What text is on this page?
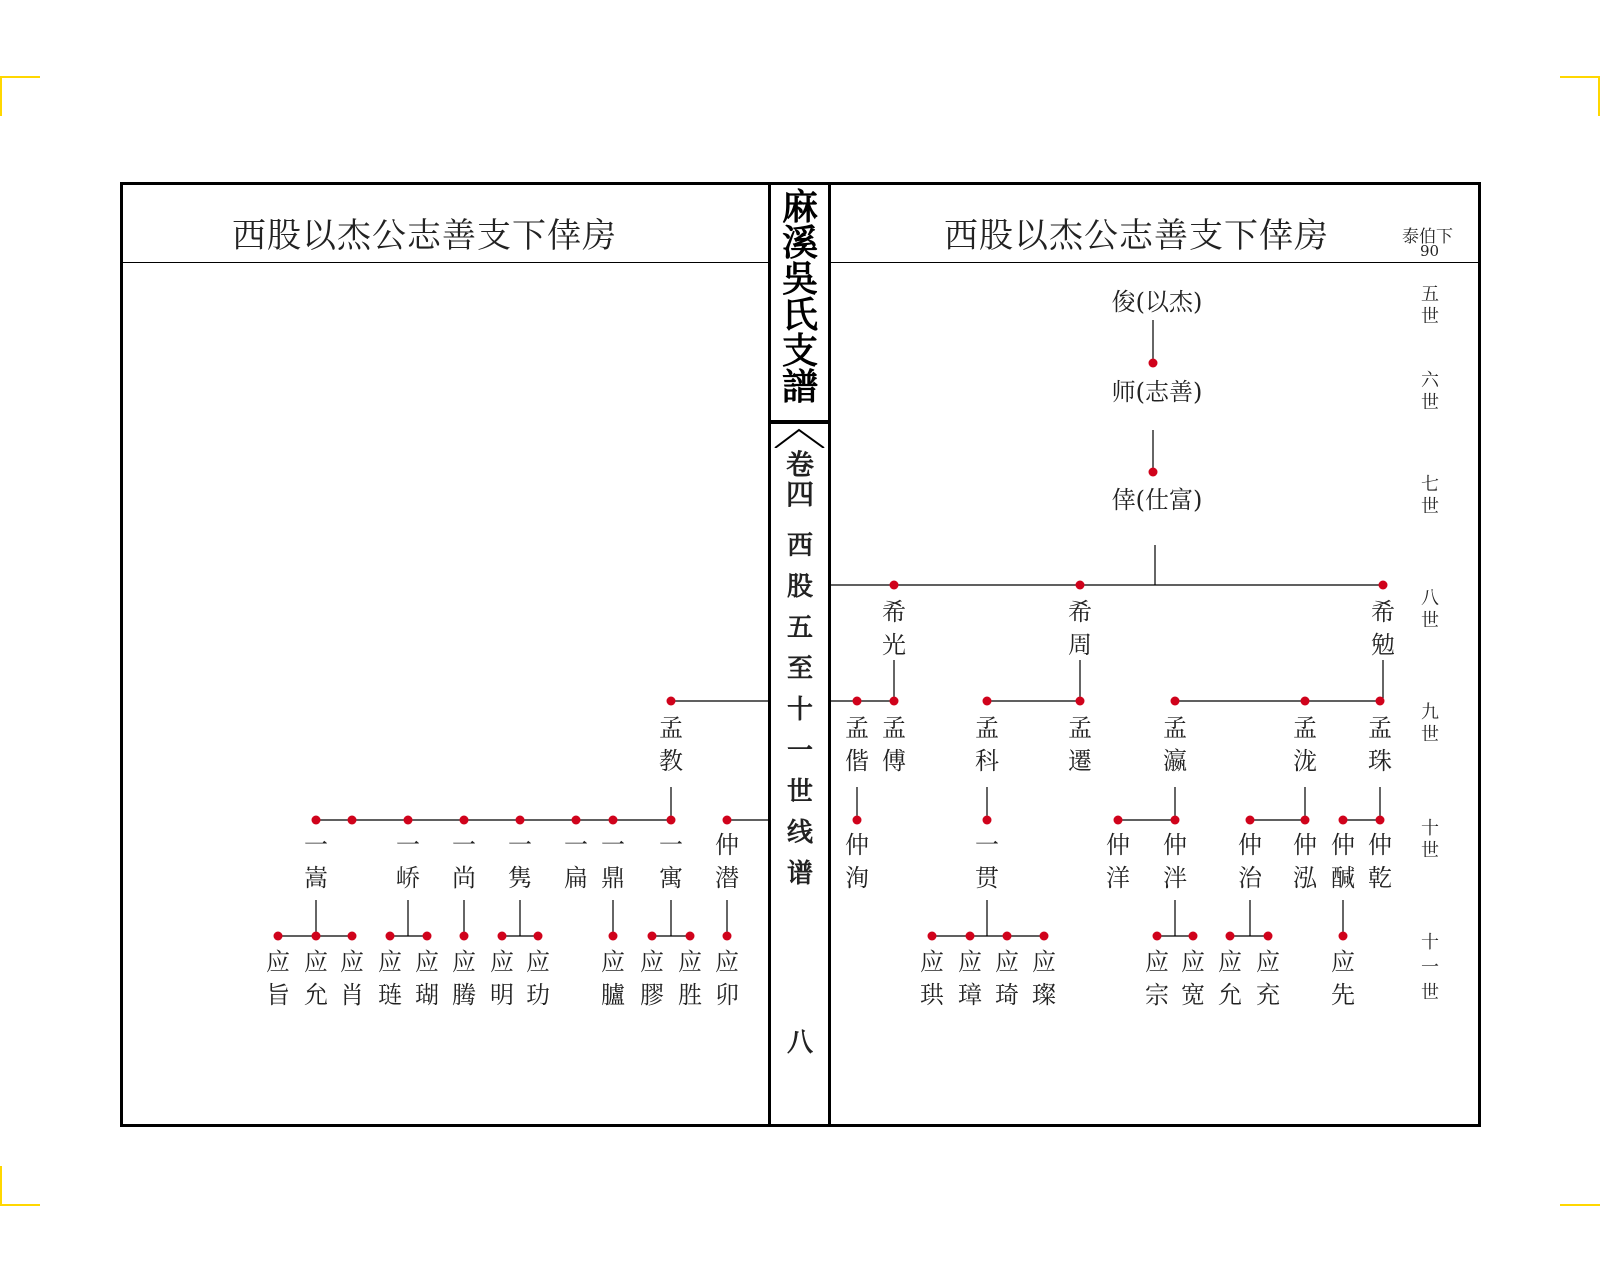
西股以杰公志善支下倖房	西股以杰公志善支下倖房	泰伯下
90
麻溪吳氏支譜
卷四
西股五至十一世线谱
八
五世
六世
七世
八世
九世
十世
十一世
俊(以杰)
师(志善)
倖(仕富)
希光
希周
希勉
孟偕
孟傅
孟科
孟遷
孟瀛
孟泷
孟珠
仲洵
一贯
仲洋
仲泮
仲治
仲泓
仲醎
仲乾
应珙
应璋
应琦
应璨
应宗
应宽
应允
应充
应先
孟教
一嵩
一峤
一尚
一隽
一扁
一鼎
一寓
仲潜
应旨
应允
应肖
应琏
应瑚
应腾
应明
应玏
应臚
应膠
应胜
应卯
